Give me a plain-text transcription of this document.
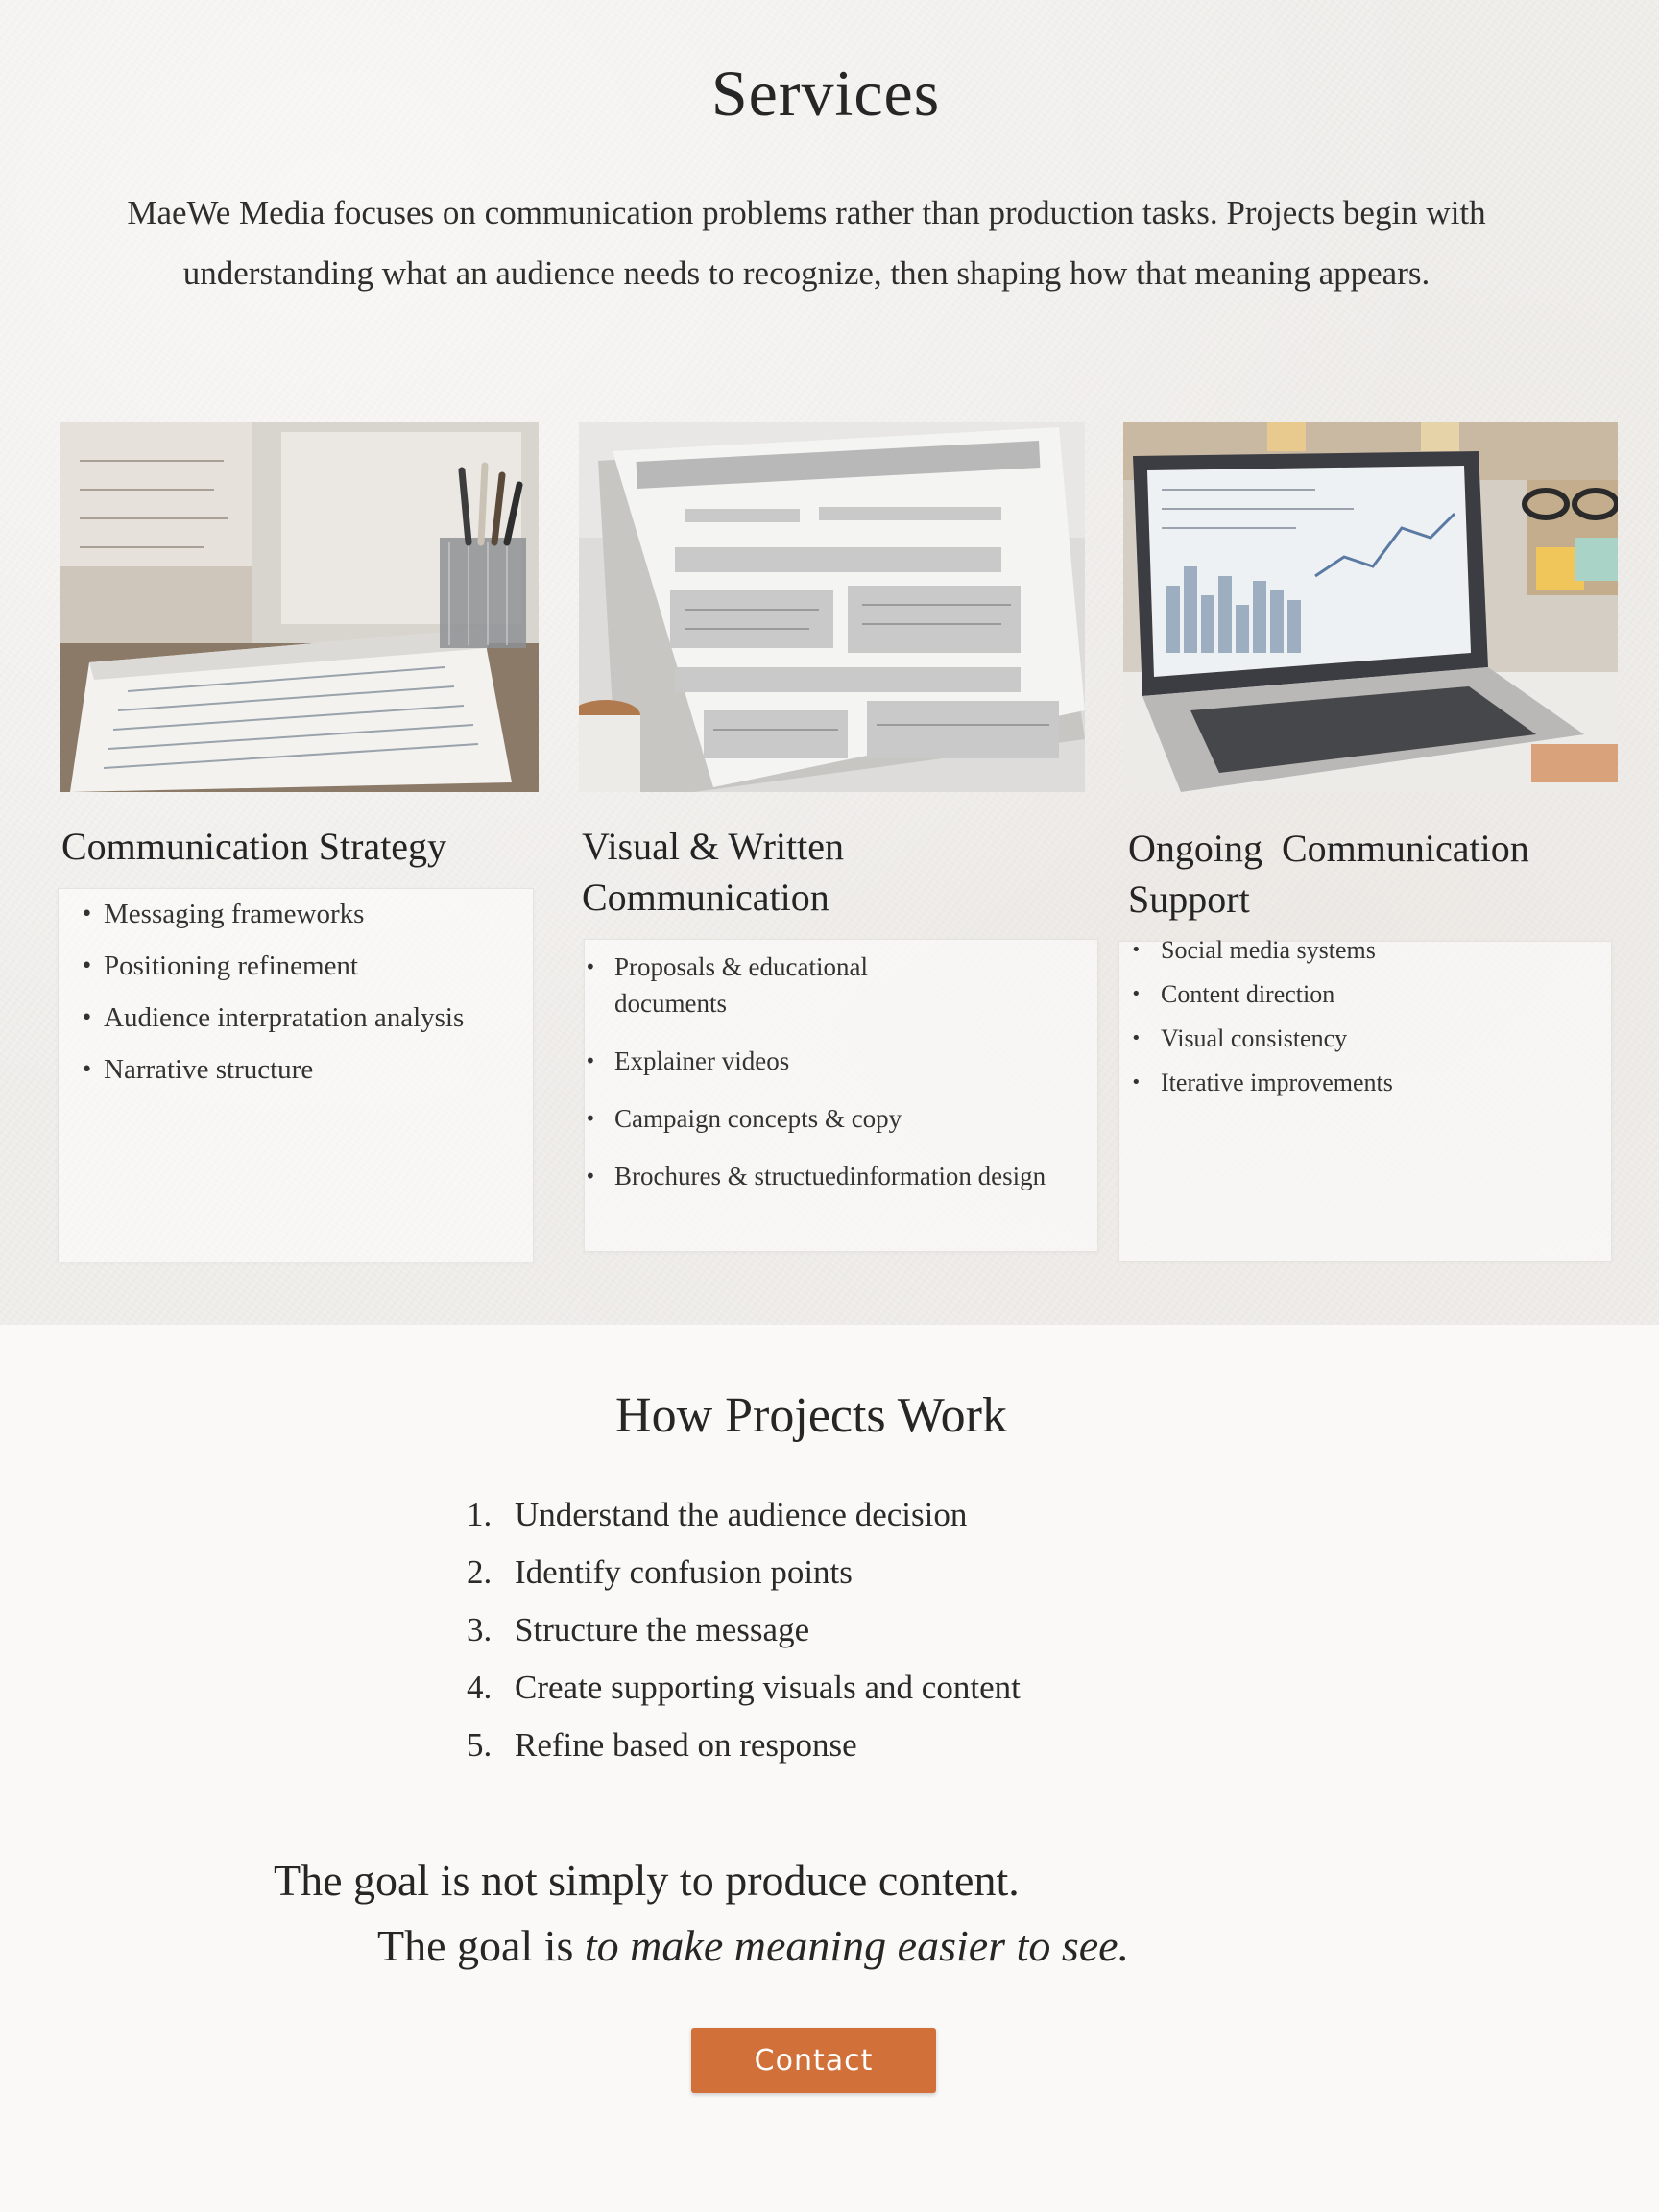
Services

MaeWe Media focuses on communication problems rather than production tasks. Projects begin with understanding what an audience needs to recognize, then shaping how that meaning appears.

Communication Strategy
• Messaging frameworks
• Positioning refinement
• Audience interpratation analysis
• Narrative structure
Visual & Written Communication
• Proposals & educational documents
• Explainer videos
• Campaign concepts & copy
• Brochures & structuedinformation design
Ongoing  Communication Support
• Social media systems
• Content direction
• Visual consistency
• Iterative improvements
How Projects Work
1. Understand the audience decision
2. Identify confusion points
3. Structure the message
4. Create supporting visuals and content
5. Refine based on response

The goal is not simply to produce content.

The goal is to make meaning easier to see.

Contact
